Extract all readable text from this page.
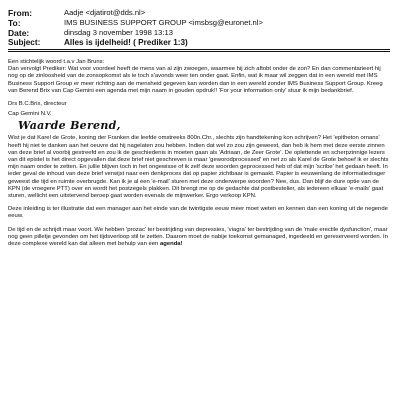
From:	Aadje <djatirot@dds.nl>
To:	IMS BUSINESS SUPPORT GROUP <imsbsg@euronet.nl>
Date:	dinsdag 3 november 1998 13:13
Subject:	Alles is ijdelheid! ( Prediker 1:3)

Een stichtelijk woord t.a.v Jan Bruns:

Dan vervolgt Prediker: Wat voor voordeel heeft de mens van al zijn zwoegen, waarmee hij zich aftobt onder de zon? En dan commentarieert hij nog op de zinloosheid van de zonsopkomst als ie toch s'avonds weer ten onder gaat. Enfin, wat ik maar wil zeggen dat in een wereld met IMS Business Support Group er meer richting aan de mensheid gegeven kan worden dan in een wereld zonder IMS Business Support Group. Kreeg van Berend Brix van Cap Gemini een agenda met mijn naam in gouden opdruk!! 'For your information only' stuur ik mijn bedankbrief.

Drs B.C.Brix, directeur

Cap Gemini N.V.

Waarde Berend,

Wist je dat Karel de Grote, koning der Franken die leefde omstreeks 800n.Chr., slechts zijn handtekening kon schrijven? Het 'epitheton ornans' heeft hij niet te danken aan het oeuvre dat hij nagelaten zou hebben. Indien dat wel zo zou zijn geweest, dan heb ik hem met deze eerste zinnen van deze brief al voorbij gestreefd en zou ik de geschiedenis in moeten gaan als 'Adriaan, de Zeer Grote'. De oplettende en scherpzinnige lezers van dit epistel is het direct opgevallen dat deze brief niet geschreven is maar 'geworodprocessed' en net zo als Karel de Grote behoef ik er slechts mijn naam onder te zetten. En jullie blijven toch in het ongewisse of ik zelf deze woorden geprocessed heb of dat mijn 'scribe' het gedaan heeft. In ieder geval de inhoud van deze brief verwijst naar een denkproces dat op papier zichtbaar is gemaakt. Papier is eeuwenlang de informatiedrager geweest die tijd en ruimte overbrugde. Kan ik je al een 'e-mail' sturen met deze onderwerpe woorden? Nee, dus. Dan blijf de dure optie van de KPN (de vroegere PTT) over en wordt het postzegels plakken. Dit brengt me op de gedachte dat postbestelier, als iedereen elkaar 'e-mails' gaat sturen, wellicht een uitstervend beroep gaat worden evenals de mijnwerker. Ergo verkoop KPN.

Deze inleiding is ter illustratie dat een manager aan het einde van de twintigste eeuw meer moet weten en kennen dan een koning uit de negende eeuw.

De tijd en de schrijdt maar voort. We hebben 'prozac' ter bestrijding van depressies, 'viagra' ter bestrijding van de 'male erectile dysfunction', maar nog geen pilletje gevonden om het tijdsverloop stil te zetten. Daarom moet de nabije toekomst gemanaged, ingedeeld en gereserveerd worden. In deze complexe wereld kan dat alleen met behulp van een agenda!
